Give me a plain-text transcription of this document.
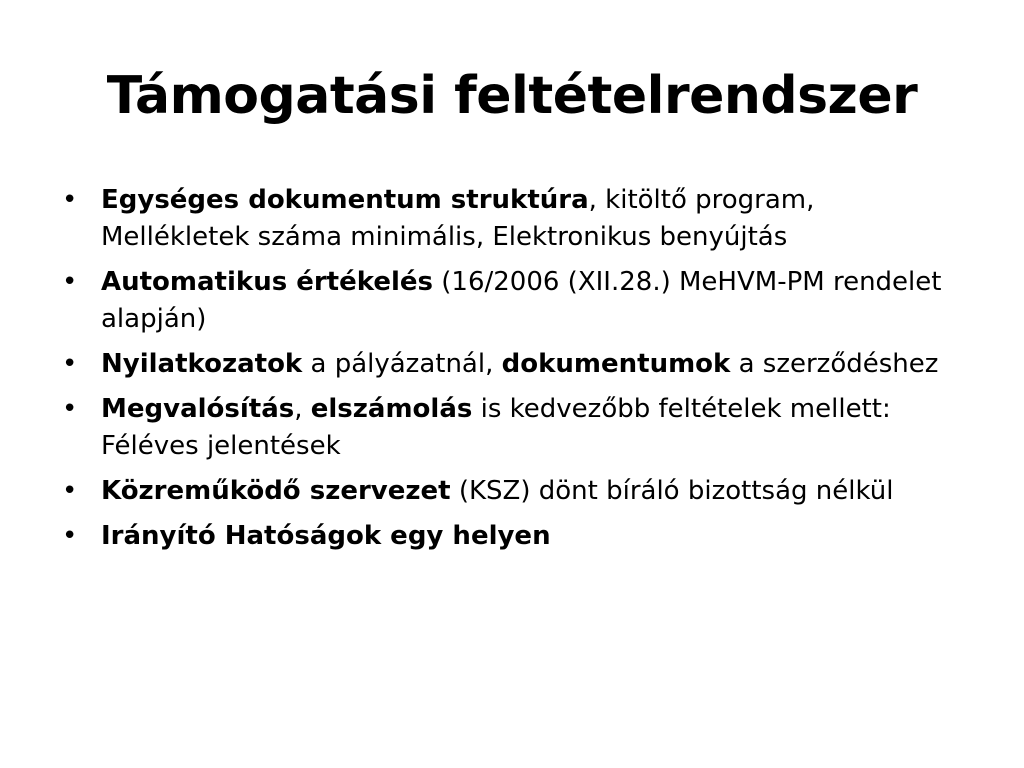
Támogatási feltételrendszer
• Egységes dokumentum struktúra, kitöltő program, Mellékletek száma minimális, Elektronikus benyújtás
• Automatikus értékelés (16/2006 (XII.28.) MeHVM-PM rendelet alapján)
• Nyilatkozatok a pályázatnál, dokumentumok a szerződéshez
• Megvalósítás, elszámolás is kedvezőbb feltételek mellett: Féléves jelentések
• Közreműködő szervezet (KSZ) dönt bíráló bizottság nélkül
• Irányító Hatóságok egy helyen
